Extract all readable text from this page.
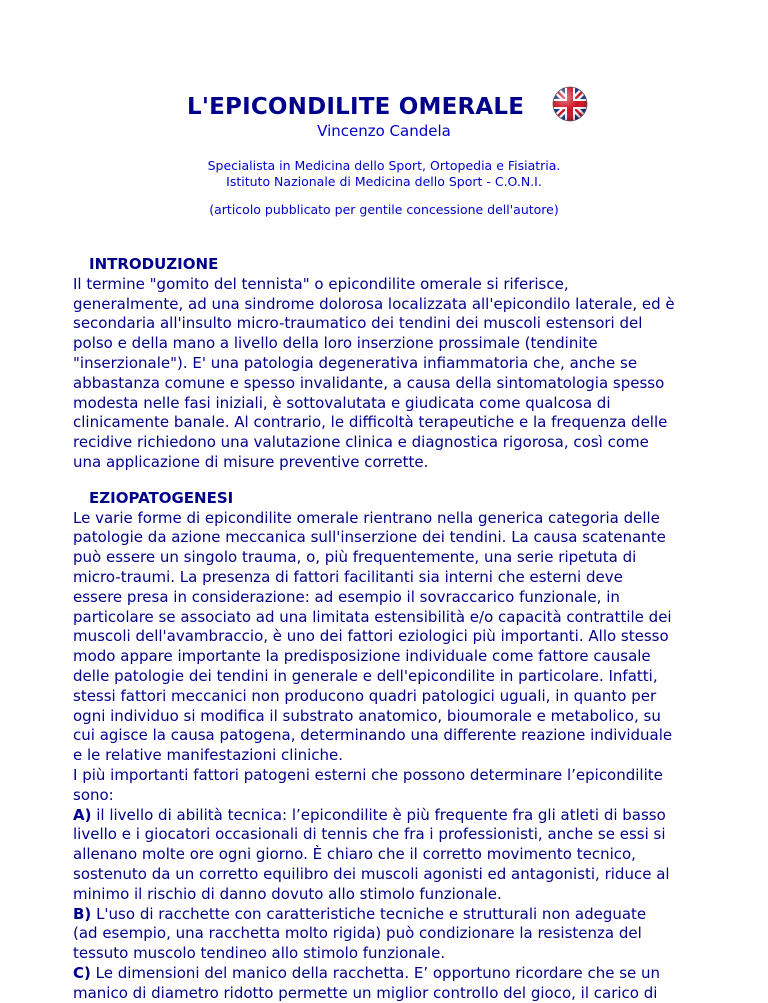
L'EPICONDILITE OMERALE
Vincenzo Candela
Specialista in Medicina dello Sport, Ortopedia e Fisiatria.
Istituto Nazionale di Medicina dello Sport - C.O.N.I.
(articolo pubblicato per gentile concessione dell'autore)
INTRODUZIONE

Il termine "gomito del tennista" o epicondilite omerale si riferisce,
generalmente, ad una sindrome dolorosa localizzata all'epicondilo laterale, ed è
secondaria all'insulto micro-traumatico dei tendini dei muscoli estensori del
polso e della mano a livello della loro inserzione prossimale (tendinite
"inserzionale"). E' una patologia degenerativa infiammatoria che, anche se
abbastanza comune e spesso invalidante, a causa della sintomatologia spesso
modesta nelle fasi iniziali, è sottovalutata e giudicata come qualcosa di
clinicamente banale. Al contrario, le difficoltà terapeutiche e la frequenza delle
recidive richiedono una valutazione clinica e diagnostica rigorosa, così come
una applicazione di misure preventive corrette.

EZIOPATOGENESI

Le varie forme di epicondilite omerale rientrano nella generica categoria delle
patologie da azione meccanica sull'inserzione dei tendini. La causa scatenante
può essere un singolo trauma, o, più frequentemente, una serie ripetuta di
micro-traumi. La presenza di fattori facilitanti sia interni che esterni deve
essere presa in considerazione: ad esempio il sovraccarico funzionale, in
particolare se associato ad una limitata estensibilità e/o capacità contrattile dei
muscoli dell'avambraccio, è uno dei fattori eziologici più importanti. Allo stesso
modo appare importante la predisposizione individuale come fattore causale
delle patologie dei tendini in generale e dell'epicondilite in particolare. Infatti,
stessi fattori meccanici non producono quadri patologici uguali, in quanto per
ogni individuo si modifica il substrato anatomico, bioumorale e metabolico, su
cui agisce la causa patogena, determinando una differente reazione individuale
e le relative manifestazioni cliniche.

I più importanti fattori patogeni esterni che possono determinare l’epicondilite
sono:

A) il livello di abilità tecnica: l’epicondilite è più frequente fra gli atleti di basso
livello e i giocatori occasionali di tennis che fra i professionisti, anche se essi si
allenano molte ore ogni giorno. È chiaro che il corretto movimento tecnico,
sostenuto da un corretto equilibro dei muscoli agonisti ed antagonisti, riduce al
minimo il rischio di danno dovuto allo stimolo funzionale.

B) L'uso di racchette con caratteristiche tecniche e strutturali non adeguate
(ad esempio, una racchetta molto rigida) può condizionare la resistenza del
tessuto muscolo tendineo allo stimolo funzionale.

C) Le dimensioni del manico della racchetta. E’ opportuno ricordare che se un
manico di diametro ridotto permette un miglior controllo del gioco, il carico di
